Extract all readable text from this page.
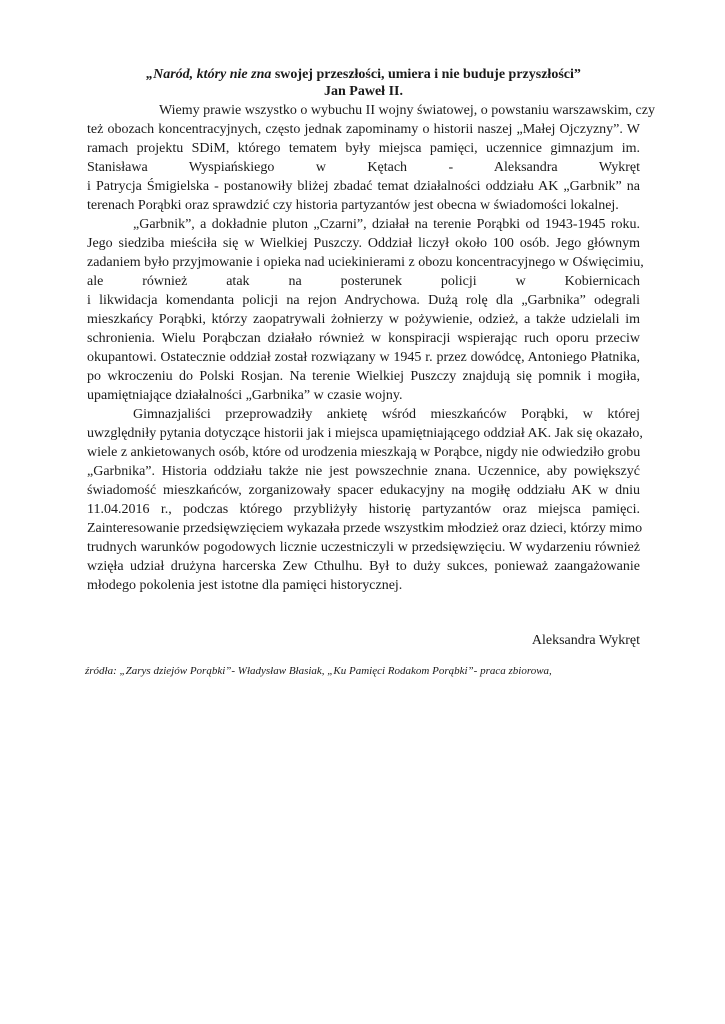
„Naród, który nie zna swojej przeszłości, umiera i nie buduje przyszłości”

Jan Paweł II.

Wiemy prawie wszystko o wybuchu II wojny światowej, o powstaniu warszawskim, czy
też obozach koncentracyjnych, często jednak zapominamy o historii naszej „Małej Ojczyzny”. W
ramach projektu SDiM, którego tematem były miejsca pamięci, uczennice gimnazjum im.
Stanisława Wyspiańskiego w Kętach - Aleksandra Wykręt
i Patrycja Śmigielska - postanowiły bliżej zbadać temat działalności oddziału AK „Garbnik” na
terenach Porąbki oraz sprawdzić czy historia partyzantów jest obecna w świadomości lokalnej.
„Garbnik”, a dokładnie pluton „Czarni”, działał na terenie Porąbki od 1943-1945 roku.
Jego siedziba mieściła się w Wielkiej Puszczy. Oddział liczył około 100 osób. Jego głównym
zadaniem było przyjmowanie i opieka nad uciekinierami z obozu koncentracyjnego w Oświęcimiu,
ale również atak na posterunek policji w Kobiernicach
i likwidacja komendanta policji na rejon Andrychowa. Dużą rolę dla „Garbnika” odegrali
mieszkańcy Porąbki, którzy zaopatrywali żołnierzy w pożywienie, odzież, a także udzielali im
schronienia. Wielu Porąbczan działało również w konspiracji wspierając ruch oporu przeciw
okupantowi. Ostatecznie oddział został rozwiązany w 1945 r. przez dowódcę, Antoniego Płatnika,
po wkroczeniu do Polski Rosjan. Na terenie Wielkiej Puszczy znajdują się pomnik i mogiła,
upamiętniające działalności „Garbnika” w czasie wojny.
Gimnazjaliści przeprowadziły ankietę wśród mieszkańców Porąbki, w której
uwzględniły pytania dotyczące historii jak i miejsca upamiętniającego oddział AK. Jak się okazało,
wiele z ankietowanych osób, które od urodzenia mieszkają w Porąbce, nigdy nie odwiedziło grobu
„Garbnika”. Historia oddziału także nie jest powszechnie znana. Uczennice, aby powiększyć
świadomość mieszkańców, zorganizowały spacer edukacyjny na mogiłę oddziału AK w dniu
11.04.2016 r., podczas którego przybliżyły historię partyzantów oraz miejsca pamięci.
Zainteresowanie przedsięwzięciem wykazała przede wszystkim młodzież oraz dzieci, którzy mimo
trudnych warunków pogodowych licznie uczestniczyli w przedsięwzięciu. W wydarzeniu również
wzięła udział drużyna harcerska Zew Cthulhu. Był to duży sukces, ponieważ zaangażowanie
młodego pokolenia jest istotne dla pamięci historycznej.

Aleksandra Wykręt

źródła: „Zarys dziejów Porąbki”- Władysław Błasiak, „Ku Pamięci Rodakom Porąbki”- praca zbiorowa,
